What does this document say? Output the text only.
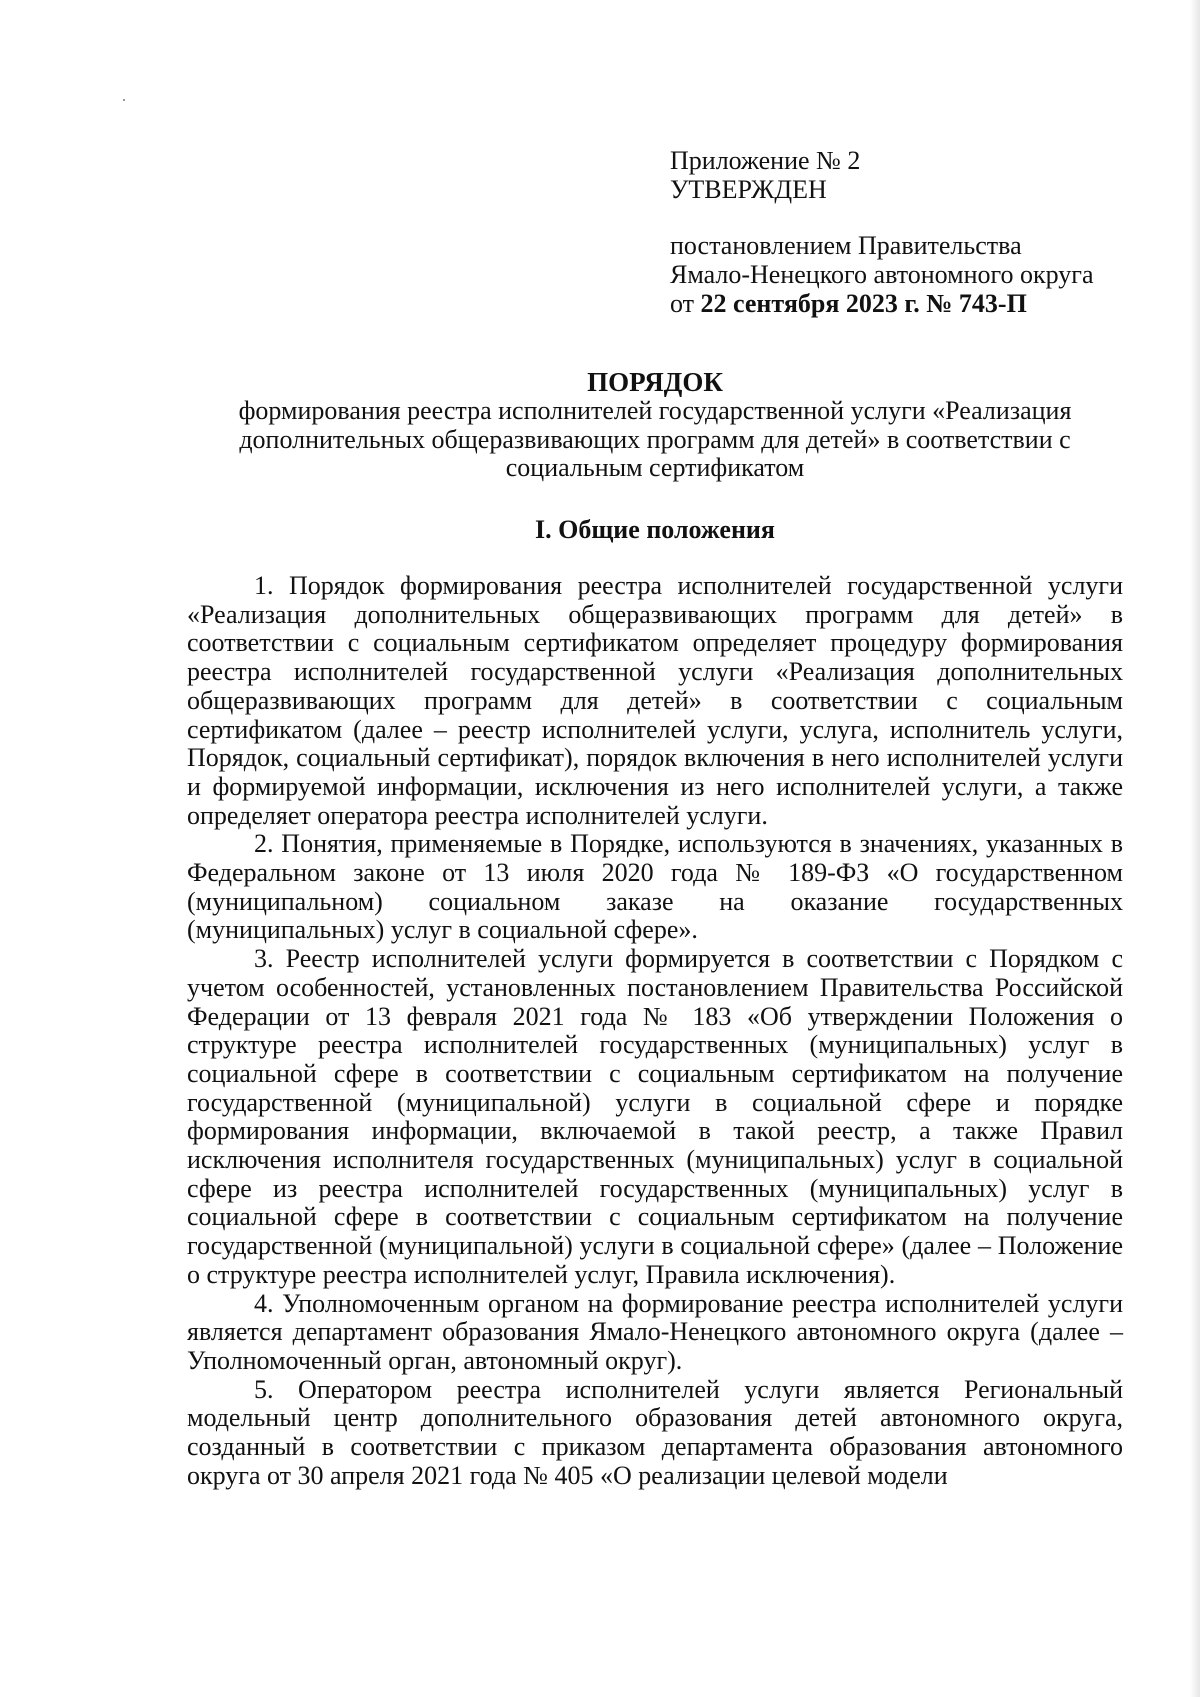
Приложение № 2
УТВЕРЖДЕН
постановлением Правительства
Ямало-Ненецкого автономного округа
от 22 сентября 2023 г. № 743-П
ПОРЯДОК
формирования реестра исполнителей государственной услуги «Реализация дополнительных общеразвивающих программ для детей» в соответствии с социальным сертификатом
I. Общие положения

1. Порядок формирования реестра исполнителей государственной услуги «Реализация дополнительных общеразвивающих программ для детей» в соответствии с социальным сертификатом определяет процедуру формирования реестра исполнителей государственной услуги «Реализация дополнительных общеразвивающих программ для детей» в соответствии с социальным сертификатом (далее – реестр исполнителей услуги, услуга, исполнитель услуги, Порядок, социальный сертификат), порядок включения в него исполнителей услуги и формируемой информации, исключения из него исполнителей услуги, а также определяет оператора реестра исполнителей услуги.

2. Понятия, применяемые в Порядке, используются в значениях, указанных в Федеральном законе от 13 июля 2020 года № 189-ФЗ «О государственном (муниципальном) социальном заказе на оказание государственных (муниципальных) услуг в социальной сфере».

3. Реестр исполнителей услуги формируется в соответствии с Порядком с учетом особенностей, установленных постановлением Правительства Российской Федерации от 13 февраля 2021 года № 183 «Об утверждении Положения о структуре реестра исполнителей государственных (муниципальных) услуг в социальной сфере в соответствии с социальным сертификатом на получение государственной (муниципальной) услуги в социальной сфере и порядке формирования информации, включаемой в такой реестр, а также Правил исключения исполнителя государственных (муниципальных) услуг в социальной сфере из реестра исполнителей государственных (муниципальных) услуг в социальной сфере в соответствии с социальным сертификатом на получение государственной (муниципальной) услуги в социальной сфере» (далее – Положение о структуре реестра исполнителей услуг, Правила исключения).

4. Уполномоченным органом на формирование реестра исполнителей услуги является департамент образования Ямало-Ненецкого автономного округа (далее – Уполномоченный орган, автономный округ).

5. Оператором реестра исполнителей услуги является Региональный модельный центр дополнительного образования детей автономного округа, созданный в соответствии с приказом департамента образования автономного округа от 30 апреля 2021 года № 405 «О реализации целевой модели
